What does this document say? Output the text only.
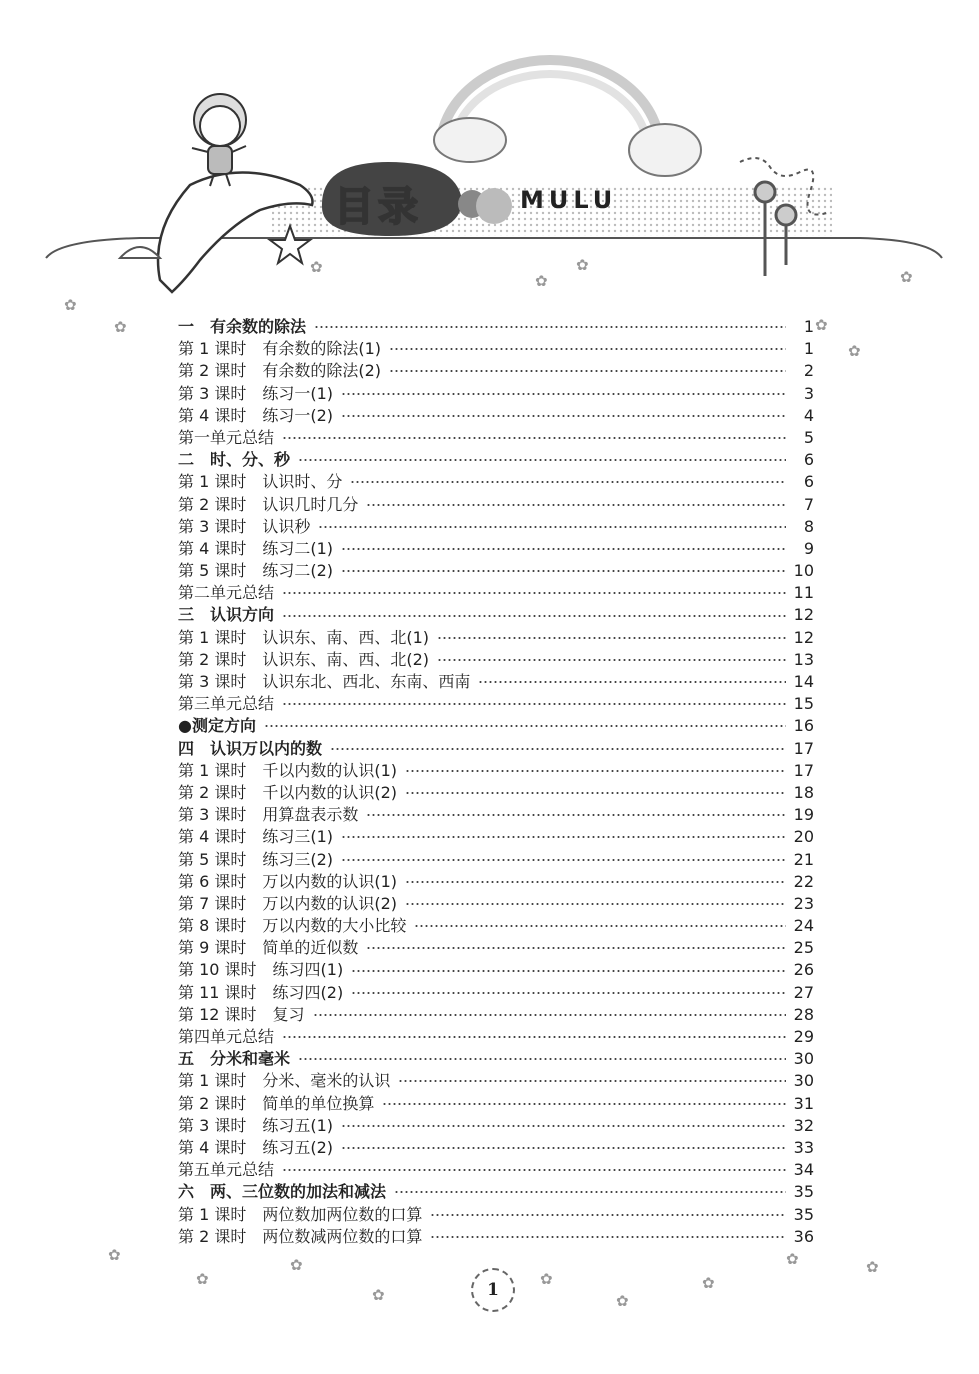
目录	MULU
✿
✿	✿
✿
✿
✿
✿
✿
✿
✿
✿
✿
✿
✿
✿
✿	✿
一　有余数的除法	1
第 1 课时　有余数的除法(1)	1
第 2 课时　有余数的除法(2)	2
第 3 课时　练习一(1)	3
第 4 课时　练习一(2)	4
第一单元总结	5
二　时、分、秒	6
第 1 课时　认识时、分	6
第 2 课时　认识几时几分	7
第 3 课时　认识秒	8
第 4 课时　练习二(1)	9
第 5 课时　练习二(2)	10
第二单元总结	11
三　认识方向	12
第 1 课时　认识东、南、西、北(1)	12
第 2 课时　认识东、南、西、北(2)	13
第 3 课时　认识东北、西北、东南、西南	14
第三单元总结	15
●测定方向	16
四　认识万以内的数	17
第 1 课时　千以内数的认识(1)	17
第 2 课时　千以内数的认识(2)	18
第 3 课时　用算盘表示数	19
第 4 课时　练习三(1)	20
第 5 课时　练习三(2)	21
第 6 课时　万以内数的认识(1)	22
第 7 课时　万以内数的认识(2)	23
第 8 课时　万以内数的大小比较	24
第 9 课时　简单的近似数	25
第 10 课时　练习四(1)	26
第 11 课时　练习四(2)	27
第 12 课时　复习	28
第四单元总结	29
五　分米和毫米	30
第 1 课时　分米、毫米的认识	30
第 2 课时　简单的单位换算	31
第 3 课时　练习五(1)	32
第 4 课时　练习五(2)	33
第五单元总结	34
六　两、三位数的加法和减法	35
第 1 课时　两位数加两位数的口算	35
第 2 课时　两位数减两位数的口算	36
1
